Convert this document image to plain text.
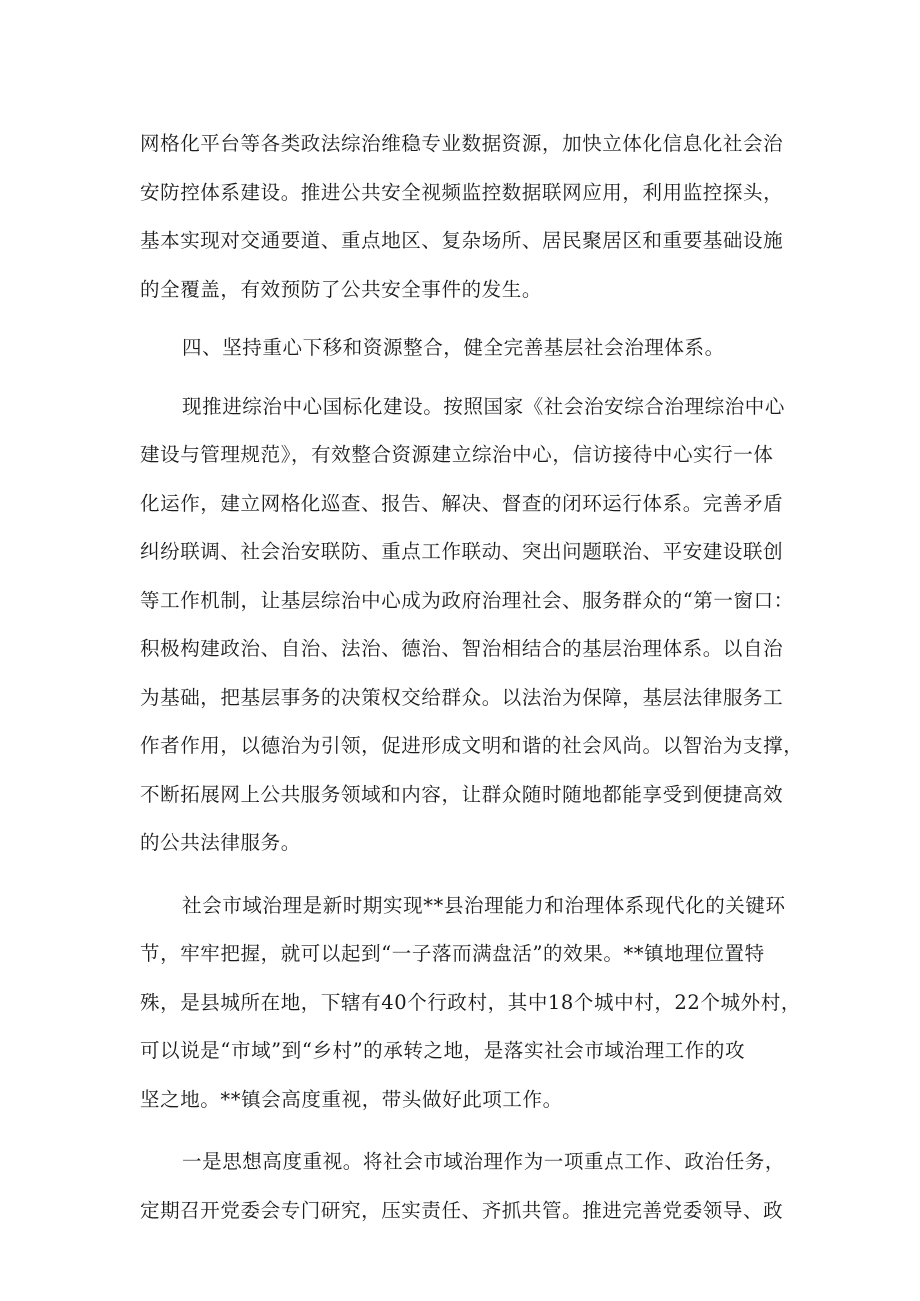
网格化平台等各类政法综治维稳专业数据资源，加快立体化信息化社会治
安防控体系建设。推进公共安全视频监控数据联网应用，利用监控探头，
基本实现对交通要道、重点地区、复杂场所、居民聚居区和重要基础设施
的全覆盖，有效预防了公共安全事件的发生。
四、坚持重心下移和资源整合，健全完善基层社会治理体系。
现推进综治中心国标化建设。按照国家《社会治安综合治理综治中心
建设与管理规范》，有效整合资源建立综治中心，信访接待中心实行一体
化运作，建立网格化巡查、报告、解决、督查的闭环运行体系。完善矛盾
纠纷联调、社会治安联防、重点工作联动、突出问题联治、平安建设联创
等工作机制，让基层综治中心成为政府治理社会、服务群众的“第一窗口：
积极构建政治、自治、法治、德治、智治相结合的基层治理体系。以自治
为基础，把基层事务的决策权交给群众。以法治为保障，基层法律服务工
作者作用，以德治为引领，促进形成文明和谐的社会风尚。以智治为支撑，
不断拓展网上公共服务领域和内容，让群众随时随地都能享受到便捷高效
的公共法律服务。
社会市域治理是新时期实现**县治理能力和治理体系现代化的关键环
节，牢牢把握，就可以起到“一子落而满盘活”的效果。**镇地理位置特
殊，是县城所在地，下辖有40个行政村，其中18个城中村，22个城外村，
可以说是“市域”到“乡村”的承转之地，是落实社会市域治理工作的攻
坚之地。**镇会高度重视，带头做好此项工作。
一是思想高度重视。将社会市域治理作为一项重点工作、政治任务，
定期召开党委会专门研究，压实责任、齐抓共管。推进完善党委领导、政
